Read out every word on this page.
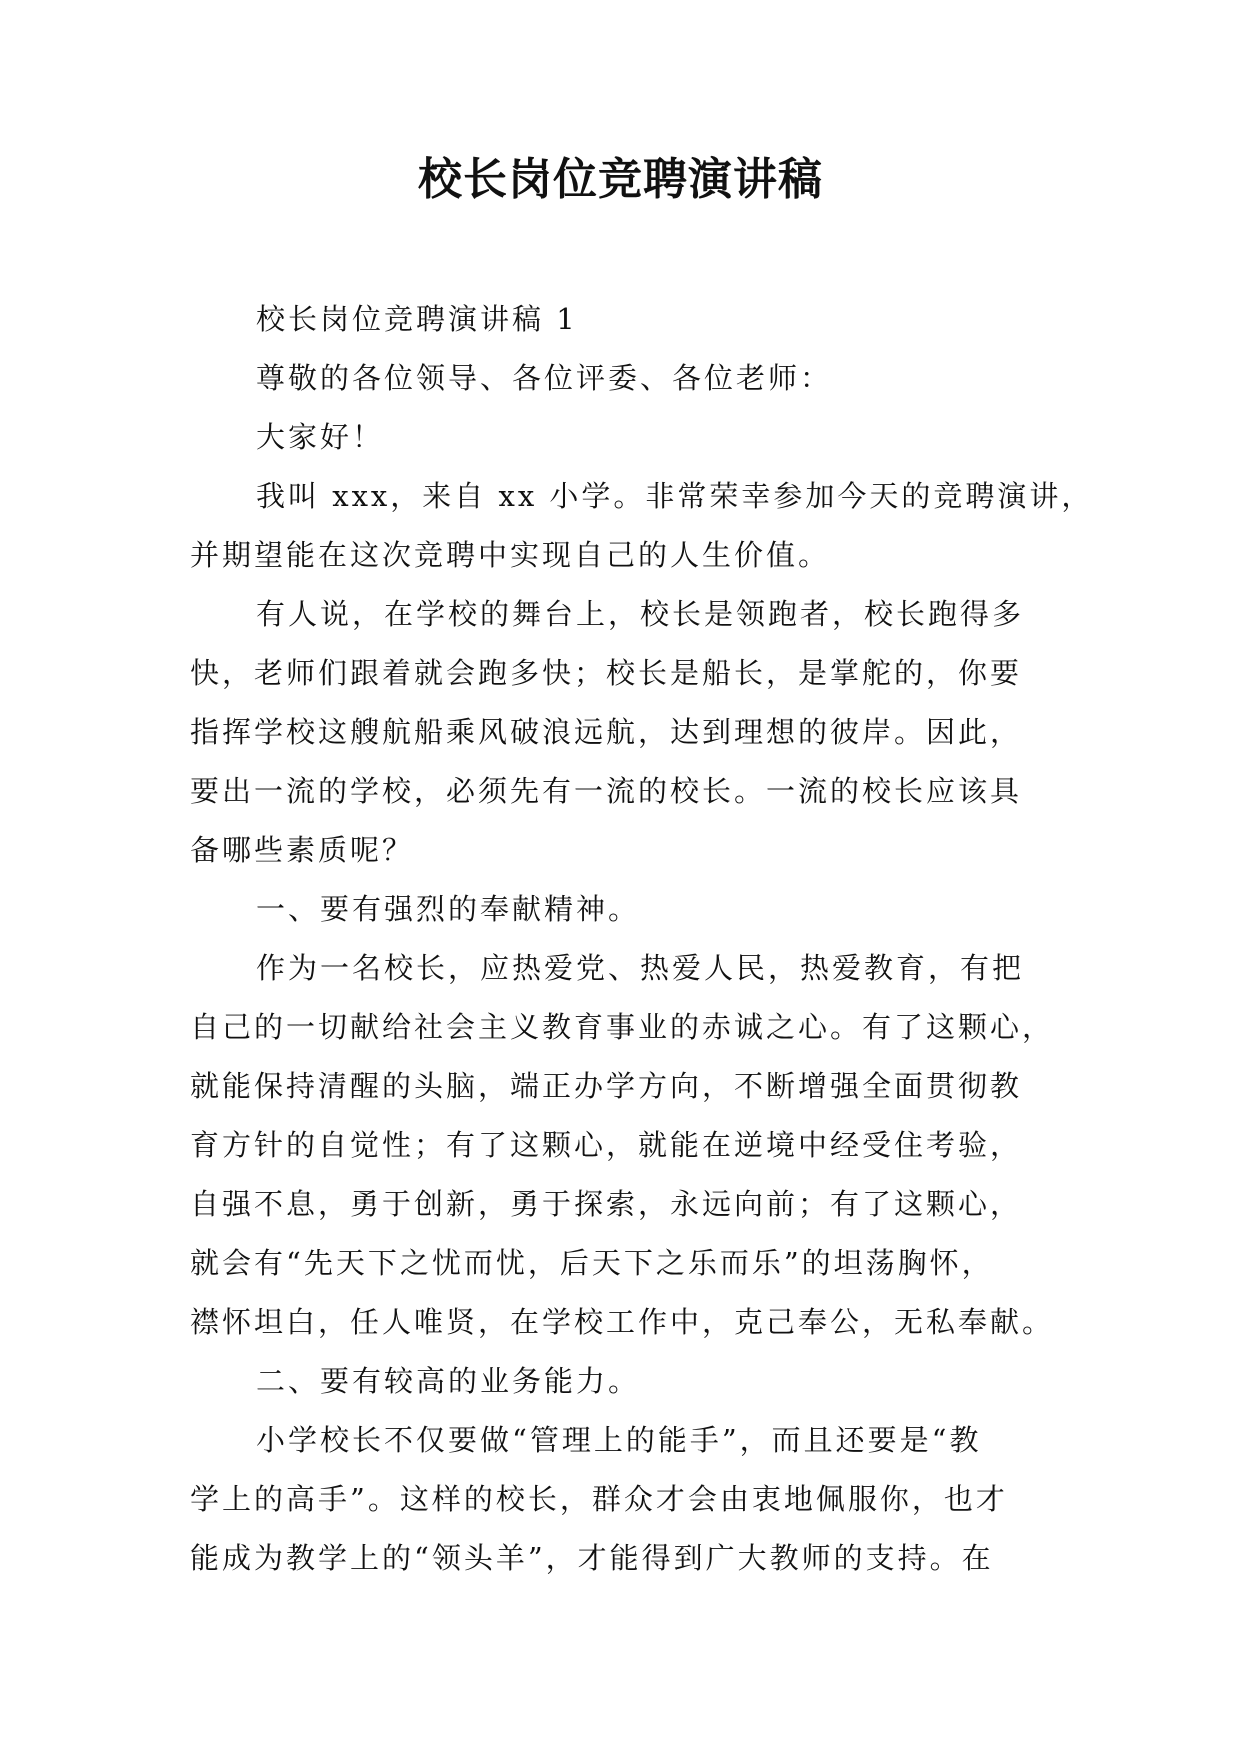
校长岗位竞聘演讲稿
校长岗位竞聘演讲稿 1
尊敬的各位领导、各位评委、各位老师：
大家好！
我叫 xxx，来自 xx 小学。非常荣幸参加今天的竞聘演讲，
并期望能在这次竞聘中实现自己的人生价值。
有人说，在学校的舞台上，校长是领跑者，校长跑得多
快，老师们跟着就会跑多快；校长是船长，是掌舵的，你要
指挥学校这艘航船乘风破浪远航，达到理想的彼岸。因此，
要出一流的学校，必须先有一流的校长。一流的校长应该具
备哪些素质呢？
一、要有强烈的奉献精神。
作为一名校长，应热爱党、热爱人民，热爱教育，有把
自己的一切献给社会主义教育事业的赤诚之心。有了这颗心，
就能保持清醒的头脑，端正办学方向，不断增强全面贯彻教
育方针的自觉性；有了这颗心，就能在逆境中经受住考验，
自强不息，勇于创新，勇于探索，永远向前；有了这颗心，
就会有“先天下之忧而忧，后天下之乐而乐”的坦荡胸怀，
襟怀坦白，任人唯贤，在学校工作中，克己奉公，无私奉献。
二、要有较高的业务能力。
小学校长不仅要做“管理上的能手”，而且还要是“教
学上的高手”。这样的校长，群众才会由衷地佩服你，也才
能成为教学上的“领头羊”，才能得到广大教师的支持。在
